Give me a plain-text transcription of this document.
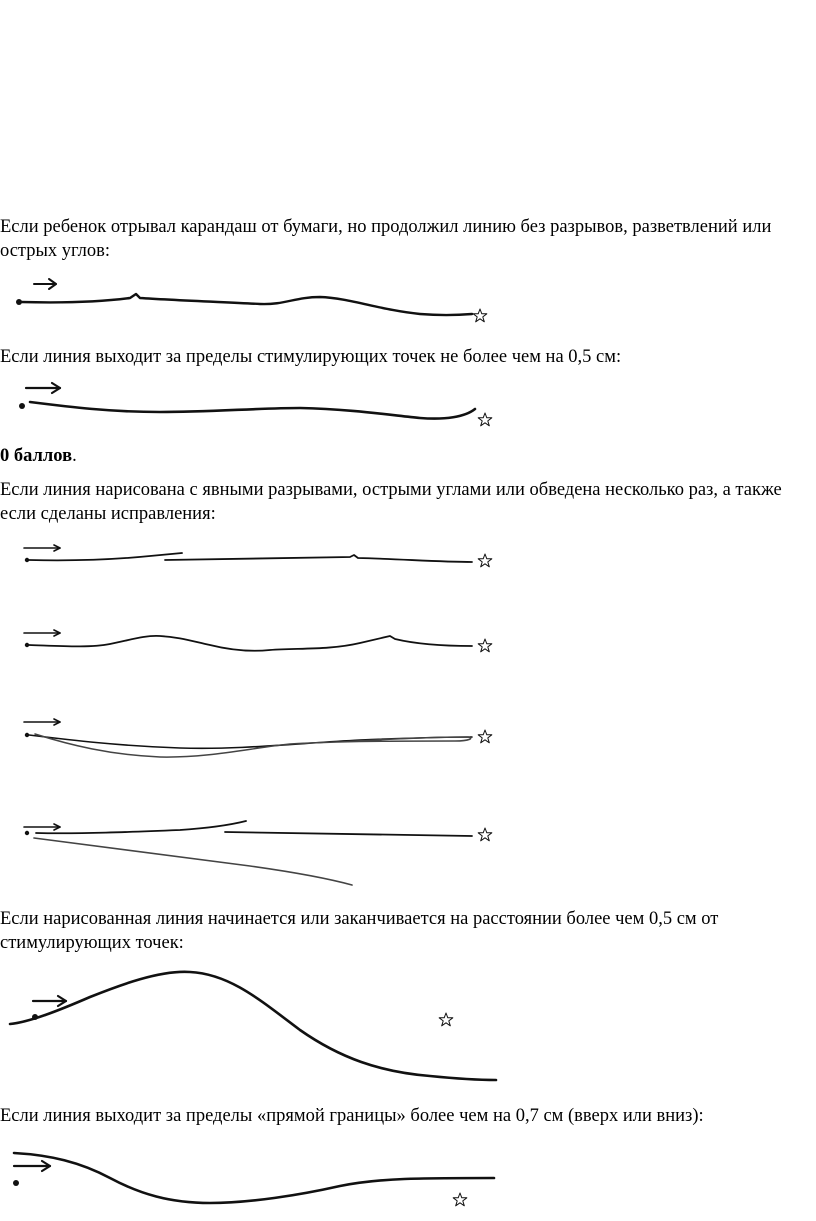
Если ребенок отрывал карандаш от бумаги, но продолжил линию без разрывов, разветвлений или острых углов:

Если линия выходит за пределы стимулирующих точек не более чем на 0,5 см:

0 баллов.

Если линия нарисована с явными разрывами, острыми углами или обведена несколько раз, а также если сделаны исправления:

Если нарисованная линия начинается или заканчивается на расстоянии более чем 0,5 см от стимулирующих точек:

Если линия выходит за пределы «прямой границы» более чем на 0,7 см (вверх или вниз):
